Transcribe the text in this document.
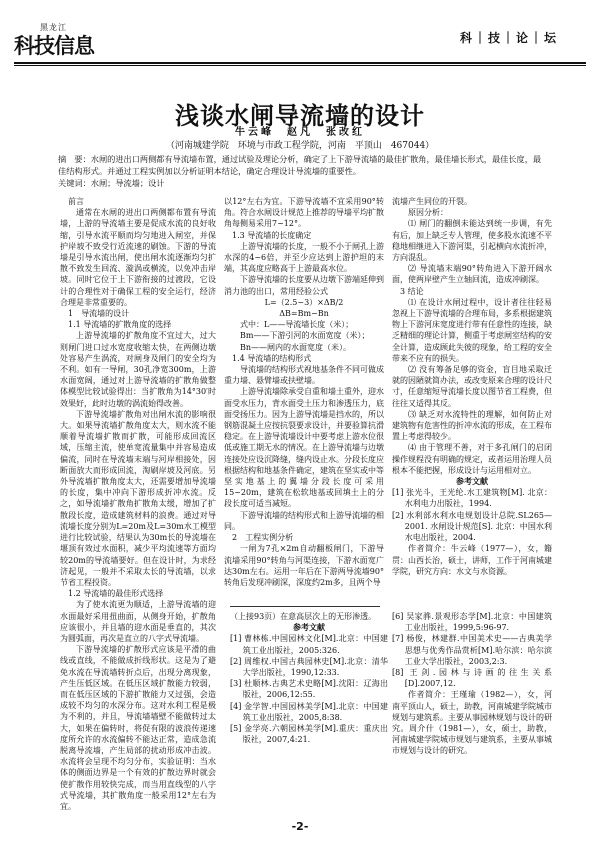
黑龙江
科技信息	科｜技｜论｜坛
浅谈水闸导流墙的设计
牛云峰　赵凡　张改红
（河南城建学院　环境与市政工程学院，河南　平顶山　467044）
摘　要：水闸的进出口两侧都有导流墙布置，通过试验及理论分析，确定了上下游导流墙的最佳扩散角，最佳墙长形式，最佳长度，最佳结构形式。并通过工程实例加以分析证明本结论，确定合理设计导流墙的重要性。
关键词：水闸；导流墙；设计

前言

通常在水闸的进出口两侧都布置有导流墙，上游的导流墙主要是促成水流的良好收缩，引导水流平顺而均匀地进入闸室，并保护岸坡不致受行近流速的刷蚀。下游的导流墙是引导水流出闸，使出闸水流逐渐均匀扩散不致发生回流、漩涡或横流，以免冲击岸坡。同时它位于上下游衔接的过渡段，它设计的合理性对于确保工程的安全运行，经济合理是非常重要的。

1　导流墙的设计

1.1 导流墙的扩散角度的选择

上游导流墙的扩散角度不宜过大，过大则闸门进口过水宽度收缩太快，在两侧边墩处容易产生涡流，对闸身及闸门的安全均为不利。如有一导闸，30孔净宽300m，上游水面宽阔，通过对上游导流墙的扩散角做整体模型比较试验得出：当扩散角为14°30′时效果好，此时边墩的涡流始得改善。

下游导流墙扩散角对出闸水流的影响很大。如果导流墙扩散角度太大，则水流不能顺着导流墙扩散而扩散，可能形成回流区域，压缩主流，使单宽流量集中并容易造成偏流，同时在导流墙末端与河岸相接处，因断面放大而形成回流，淘刷岸坡及河底。另外导流墙扩散角度太大，还需要增加导流墙的长度，集中冲向下游形成折冲水流。反之，如导流墙扩散角扩散角太缓，增加了扩散段长度，造成建筑材料的浪费。通过对导流墙长度分别为L=20m及L=30m水工模型进行比较试验，结果认为30m长的导流墙在堰顶有效过水面积，减少平均流速等方面均较20m的导流墙要好。但在设计时，为求经济起见，一般并不采取太长的导流墙，以求节省工程投资。

1.2 导流墙的最佳形式选择

为了使水流更为顺适，上游导流墙的迎水面最好采用扭曲面，从侧身开始，扩散角应该很小，并且墙的迎水面是垂直的，其次为圆弧面，再次是直立的八字式导流墙。

下游导流墙的扩散形式应该是平滑的曲线或直线，不能做成折线形状。这是为了避免水流在导流墙转折点后，出现分离现象，产生压低区域。在低压区域扩散能力较弱，而在低压区域的下游扩散能力又过强，会造成较不均匀的水深分布。这对水利工程是极为不利的，并且，导流墙墙壁不能做转过太大，如果在偏转时，将促有限的波浪传递速度所允许的水流偏转不能达正常，造成急流脱离导流墙，产生局部的扰动形成冲击波。水流将会呈现不均匀分布，实验证明：当水体的侧面边界是一个有效的扩散边界时就会使扩散作用较快完成，而当用直线型的八字式导流墙，其扩散角度一般采用12°左右为宜。

以12°左右为宜。下游导流墙不宜采用90°转角。符合水闸设计规范上推荐的导墙平均扩散角每侧易采用7~12°。

1.3 导流墙的长度确定

上游导流墙的长度，一般不小于闸孔上游水深的4~6倍，并至少应达到上游护坦的末端，其高度应略高于上游最高水位。

下游导流墙的长度要从边墩下游端延伸到消力池的出口，常用经验公式

L=（2.5~3）×ΔB/2

ΔB=Bm−Bn

式中：L——导流墙长度（米）；

Bm——下游引河的水面宽度（米）；

Bn——闸内的水面宽度（米）。

1.4 导流墙的结构形式

导流墙的结构形式视地基条件不同可做成重力墙、悬臂墙或扶壁墙。

上游导流墙除承受自重和墙土重外，迎水面受水压力，背水面受土压力和渗透压力，底面受扬压力。因为上游导流墙是挡水的，所以钢筋混凝土应按抗裂要求设计，并要验算抗滑稳定。在上游导流墙设计中要考虑上游水位很低或施工期无水的情况。在上游导流墙与边墩连接处应设沉降缝，缝内设止水。分段长度应根据结构和地基条件确定，建筑在坚实或中等坚实地基上的翼墙分段长度可采用15~20m，建筑在松软地基或回填土上的分段长度可适当减短。

下游导流墙的结构形式和上游导流墙的相同。

2　工程实例分析

一闸为7孔×2m自动翻板闸门，下游导流墙采用90°转角与河渠连接，下游水面宽广达30m左右。运用一年后在下游两导流墙90°转角后发现冲刷深，深度约2m多，且两个导

流墙产生同位的开裂。

原因分析：

⑴ 闸门的翻倒未能达到统一步调，有先有后，加上缺乏专人管理，使多股水流速不平稳地相继进入下游河渠，引起横向水流折冲，方向混乱。

⑵ 导流墙末端90°转角进入下游开阔水面，使两岸壁产生立轴回流，造成冲刷深。

3 结论

⑴ 在设计水闸过程中，设计者往往轻易忽视上下游导流墙的合理布局，多系根据建筑物上下游河床宽度进行带有任意性的连接，缺乏精细的理论计算，侧重于考虑闸室结构的安全计算，造成顾此失彼的现象，给工程的安全带来不应有的损失。

⑵ 没有筹备足够的资金，盲目地采取迁就的因陋就简办法，或改变原来合理的设计尺寸，任意缩短导流墙长度以图节省工程费，但往往又适得其反。

⑶ 缺乏对水流特性的理解，如何防止对建筑物有危害性的折冲水流的形成，在工程布置上考虑得较少。

⑷ 由于管理不善，对于多孔闸门的启闭操作规程没有明确的规定，或者运用治理人员根本不能把握，形成设计与运用相对立。

参考文献

[1] 张光斗，王光纶.水工建筑物[M]. 北京：水利电力出版社，1994.

[2] 水利部水利水电规划设计总院.SL265—2001. 水闸设计规范[S]. 北京：中国水利水电出版社，2004.

作者简介：牛云峰（1977—），女，籍贯：山西长治，硕士，讲师，工作于河南城建学院，研究方向：水文与水资源。

（上接93页）在意高层次上的无形渗透。

参考文献

[1] 曹林栋.中国园林文化[M].北京：中国建筑工业出版社，2005:326.

[2] 周维权.中国古典园林史[M].北京：清华大学出版社，1990,12:33.

[3] 杜顺林.古典艺术史略[M].沈阳：辽海出版社，2006,12:55.

[4] 金学智.中国园林美学[M].北京：中国建筑工业出版社，2005,8:38.

[5] 金学亮.六朝园林美学[M].重庆：重庆出版社，2007,4:21.

[6] 吴家骅.景观形态学[M].北京：中国建筑工业出版社，1999,5:96-97.

[7] 杨俊，林建群.中国美术史——古典美学思想与优秀作品赏析[M].哈尔滨：哈尔滨工业大学出版社，2003,2:3.

[8] 王剑.园林与诗画的往生关系[D].2007,12.

作者简介：王瑾瑜（1982—），女，河南平顶山人，硕士，助教，河南城建学院城市规划与建筑系。主要从事园林规划与设计的研究。周介什（1981—），女，硕士，助教，河南城建学院城市规划与建筑系，主要从事城市规划与设计的研究。

-2-
